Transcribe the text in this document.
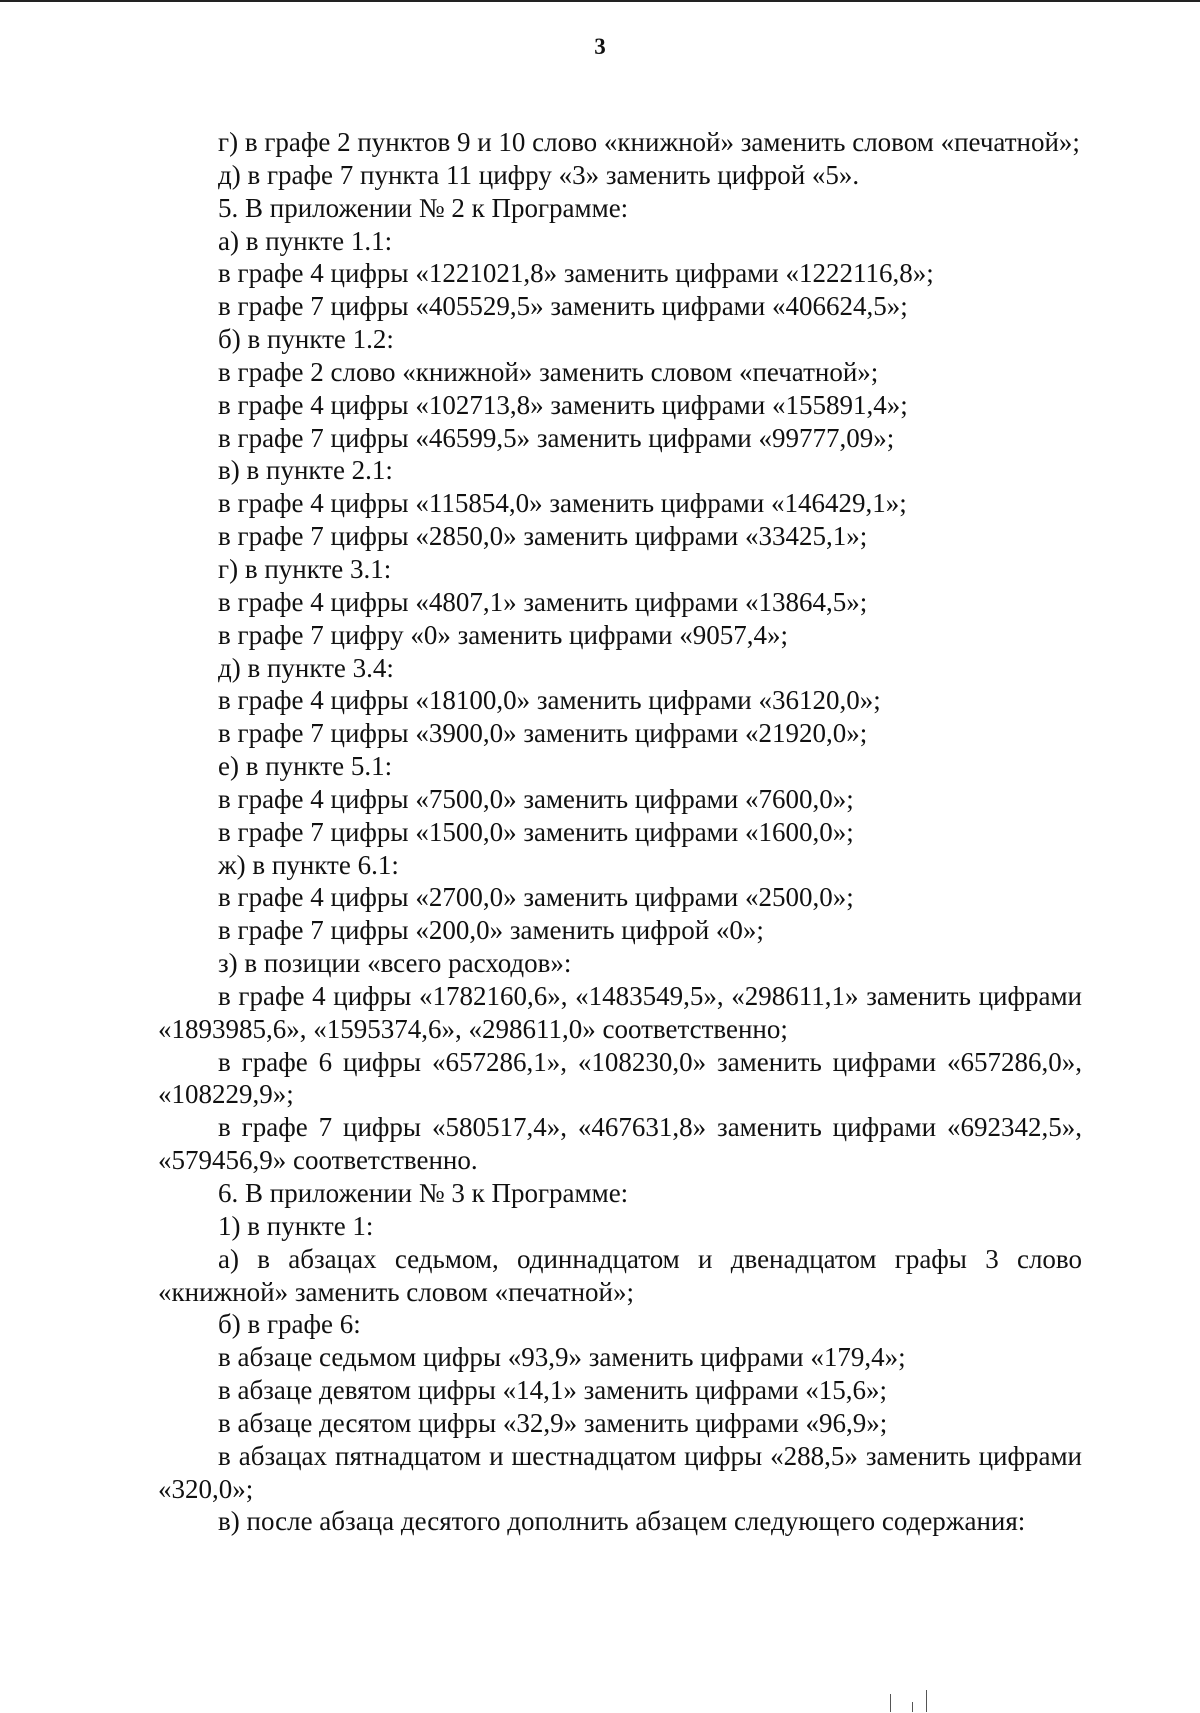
3

г) в графе 2 пунктов 9 и 10 слово «книжной» заменить словом «печатной»;

д) в графе 7 пункта 11 цифру «3» заменить цифрой «5».

5. В приложении № 2 к Программе:

а) в пункте 1.1:

в графе 4 цифры «1221021,8» заменить цифрами «1222116,8»;

в графе 7 цифры «405529,5» заменить цифрами «406624,5»;

б) в пункте 1.2:

в графе 2 слово «книжной» заменить словом «печатной»;

в графе 4 цифры «102713,8» заменить цифрами «155891,4»;

в графе 7 цифры «46599,5» заменить цифрами «99777,09»;

в) в пункте 2.1:

в графе 4 цифры «115854,0» заменить цифрами «146429,1»;

в графе 7 цифры «2850,0» заменить цифрами «33425,1»;

г) в пункте 3.1:

в графе 4 цифры «4807,1» заменить цифрами «13864,5»;

в графе 7 цифру «0» заменить цифрами «9057,4»;

д) в пункте 3.4:

в графе 4 цифры «18100,0» заменить цифрами «36120,0»;

в графе 7 цифры «3900,0» заменить цифрами «21920,0»;

е) в пункте 5.1:

в графе 4 цифры «7500,0» заменить цифрами «7600,0»;

в графе 7 цифры «1500,0» заменить цифрами «1600,0»;

ж) в пункте 6.1:

в графе 4 цифры «2700,0» заменить цифрами «2500,0»;

в графе 7 цифры «200,0» заменить цифрой «0»;

з) в позиции «всего расходов»:

в графе 4 цифры «1782160,6», «1483549,5», «298611,1» заменить цифрами «1893985,6», «1595374,6», «298611,0» соответственно;

в графе 6 цифры «657286,1», «108230,0» заменить цифрами «657286,0», «108229,9»;

в графе 7 цифры «580517,4», «467631,8» заменить цифрами «692342,5», «579456,9» соответственно.

6. В приложении № 3 к Программе:

1) в пункте 1:

а) в абзацах седьмом, одиннадцатом и двенадцатом графы 3 слово «книжной» заменить словом «печатной»;

б) в графе 6:

в абзаце седьмом цифры «93,9» заменить цифрами «179,4»;

в абзаце девятом цифры «14,1» заменить цифрами «15,6»;

в абзаце десятом цифры «32,9» заменить цифрами «96,9»;

в абзацах пятнадцатом и шестнадцатом цифры «288,5» заменить цифрами «320,0»;

в) после абзаца десятого дополнить абзацем следующего содержания:
